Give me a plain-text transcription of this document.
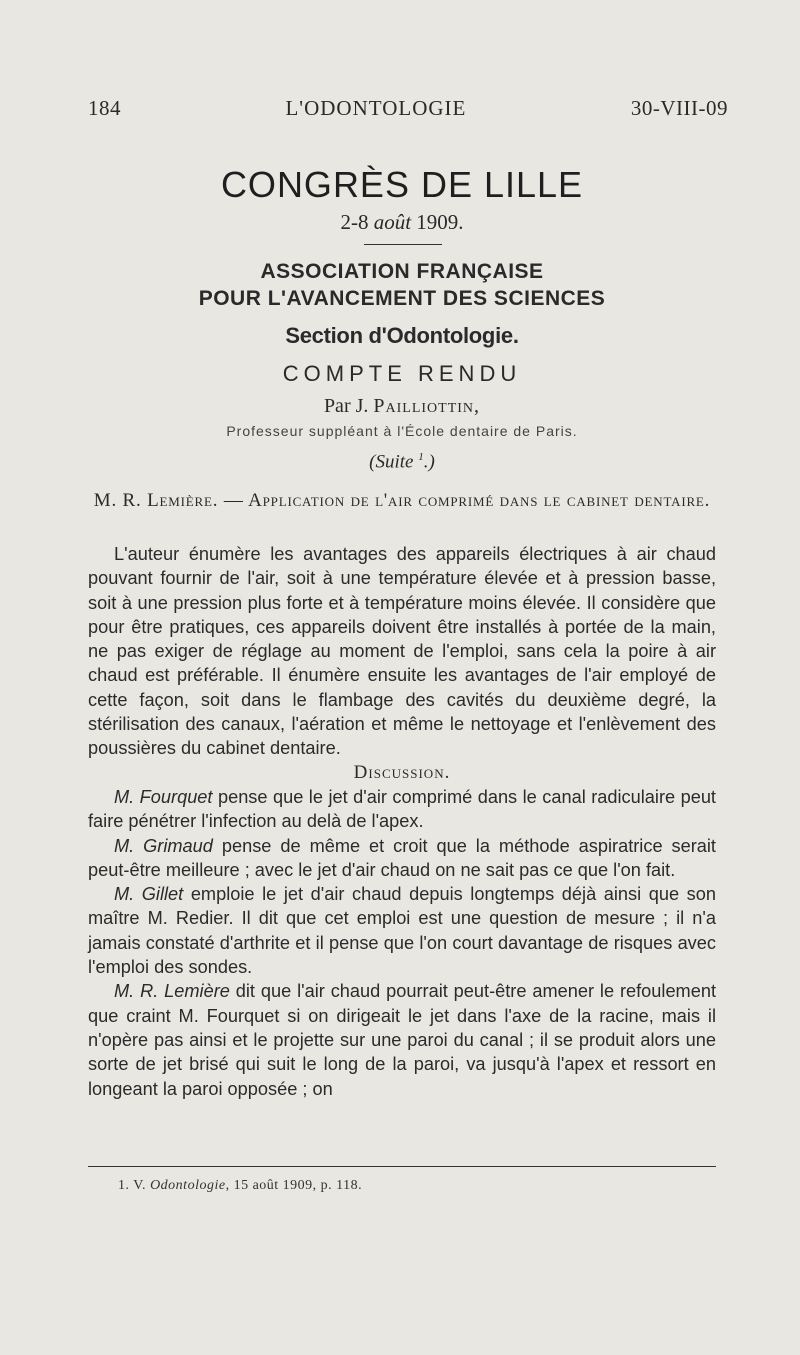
184	L'ODONTOLOGIE	30-VIII-09
CONGRÈS DE LILLE
2-8 août 1909.
ASSOCIATION FRANÇAISE
POUR L'AVANCEMENT DES SCIENCES
Section d'Odontologie.
COMPTE RENDU
Par J. Pailliottin,
Professeur suppléant à l'École dentaire de Paris.
(Suite $^1$.)
M. R. Lemière. — Application de l'air comprimé dans le cabinet dentaire.

L'auteur énumère les avantages des appareils électriques à air chaud pouvant fournir de l'air, soit à une température élevée et à pression basse, soit à une pression plus forte et à température moins élevée. Il considère que pour être pratiques, ces appareils doivent être installés à portée de la main, ne pas exiger de réglage au moment de l'emploi, sans cela la poire à air chaud est préférable. Il énumère ensuite les avantages de l'air employé de cette façon, soit dans le flambage des cavités du deuxième degré, la stérilisation des canaux, l'aération et même le nettoyage et l'enlèvement des poussières du cabinet dentaire.

Discussion.

M. Fourquet pense que le jet d'air comprimé dans le canal radiculaire peut faire pénétrer l'infection au delà de l'apex.

M. Grimaud pense de même et croit que la méthode aspiratrice serait peut-être meilleure ; avec le jet d'air chaud on ne sait pas ce que l'on fait.

M. Gillet emploie le jet d'air chaud depuis longtemps déjà ainsi que son maître M. Redier. Il dit que cet emploi est une question de mesure ; il n'a jamais constaté d'arthrite et il pense que l'on court davantage de risques avec l'emploi des sondes.

M. R. Lemière dit que l'air chaud pourrait peut-être amener le refoulement que craint M. Fourquet si on dirigeait le jet dans l'axe de la racine, mais il n'opère pas ainsi et le projette sur une paroi du canal ; il se produit alors une sorte de jet brisé qui suit le long de la paroi, va jusqu'à l'apex et ressort en longeant la paroi opposée ; on

1. V. Odontologie, 15 août 1909, p. 118.
